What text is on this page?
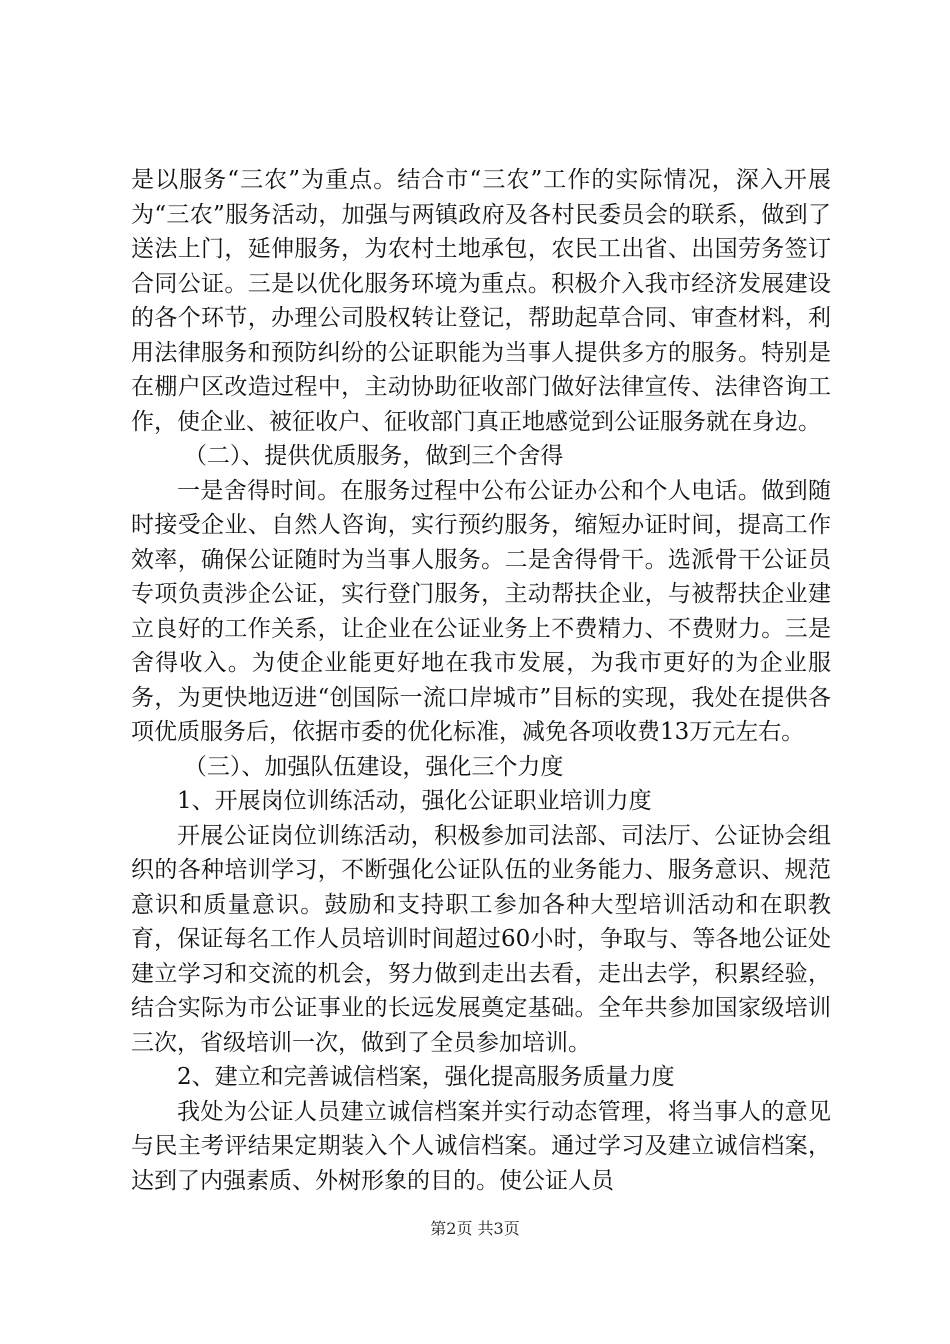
是以服务“三农”为重点。结合市“三农”工作的实际情况，深入开展为“三农”服务活动，加强与两镇政府及各村民委员会的联系，做到了送法上门，延伸服务，为农村土地承包，农民工出省、出国劳务签订合同公证。三是以优化服务环境为重点。积极介入我市经济发展建设的各个环节，办理公司股权转让登记，帮助起草合同、审查材料，利用法律服务和预防纠纷的公证职能为当事人提供多方的服务。特别是在棚户区改造过程中，主动协助征收部门做好法律宣传、法律咨询工作，使企业、被征收户、征收部门真正地感觉到公证服务就在身边。

（二）、提供优质服务，做到三个舍得

一是舍得时间。在服务过程中公布公证办公和个人电话。做到随时接受企业、自然人咨询，实行预约服务，缩短办证时间，提高工作效率，确保公证随时为当事人服务。二是舍得骨干。选派骨干公证员专项负责涉企公证，实行登门服务，主动帮扶企业，与被帮扶企业建立良好的工作关系，让企业在公证业务上不费精力、不费财力。三是舍得收入。为使企业能更好地在我市发展，为我市更好的为企业服务，为更快地迈进“创国际一流口岸城市”目标的实现，我处在提供各项优质服务后，依据市委的优化标准，减免各项收费13万元左右。

（三）、加强队伍建设，强化三个力度

1、开展岗位训练活动，强化公证职业培训力度

开展公证岗位训练活动，积极参加司法部、司法厅、公证协会组织的各种培训学习，不断强化公证队伍的业务能力、服务意识、规范意识和质量意识。鼓励和支持职工参加各种大型培训活动和在职教育，保证每名工作人员培训时间超过60小时，争取与、等各地公证处建立学习和交流的机会，努力做到走出去看，走出去学，积累经验，结合实际为市公证事业的长远发展奠定基础。全年共参加国家级培训三次，省级培训一次，做到了全员参加培训。

2、建立和完善诚信档案，强化提高服务质量力度

我处为公证人员建立诚信档案并实行动态管理，将当事人的意见与民主考评结果定期装入个人诚信档案。通过学习及建立诚信档案，达到了内强素质、外树形象的目的。使公证人员

第2页 共3页
